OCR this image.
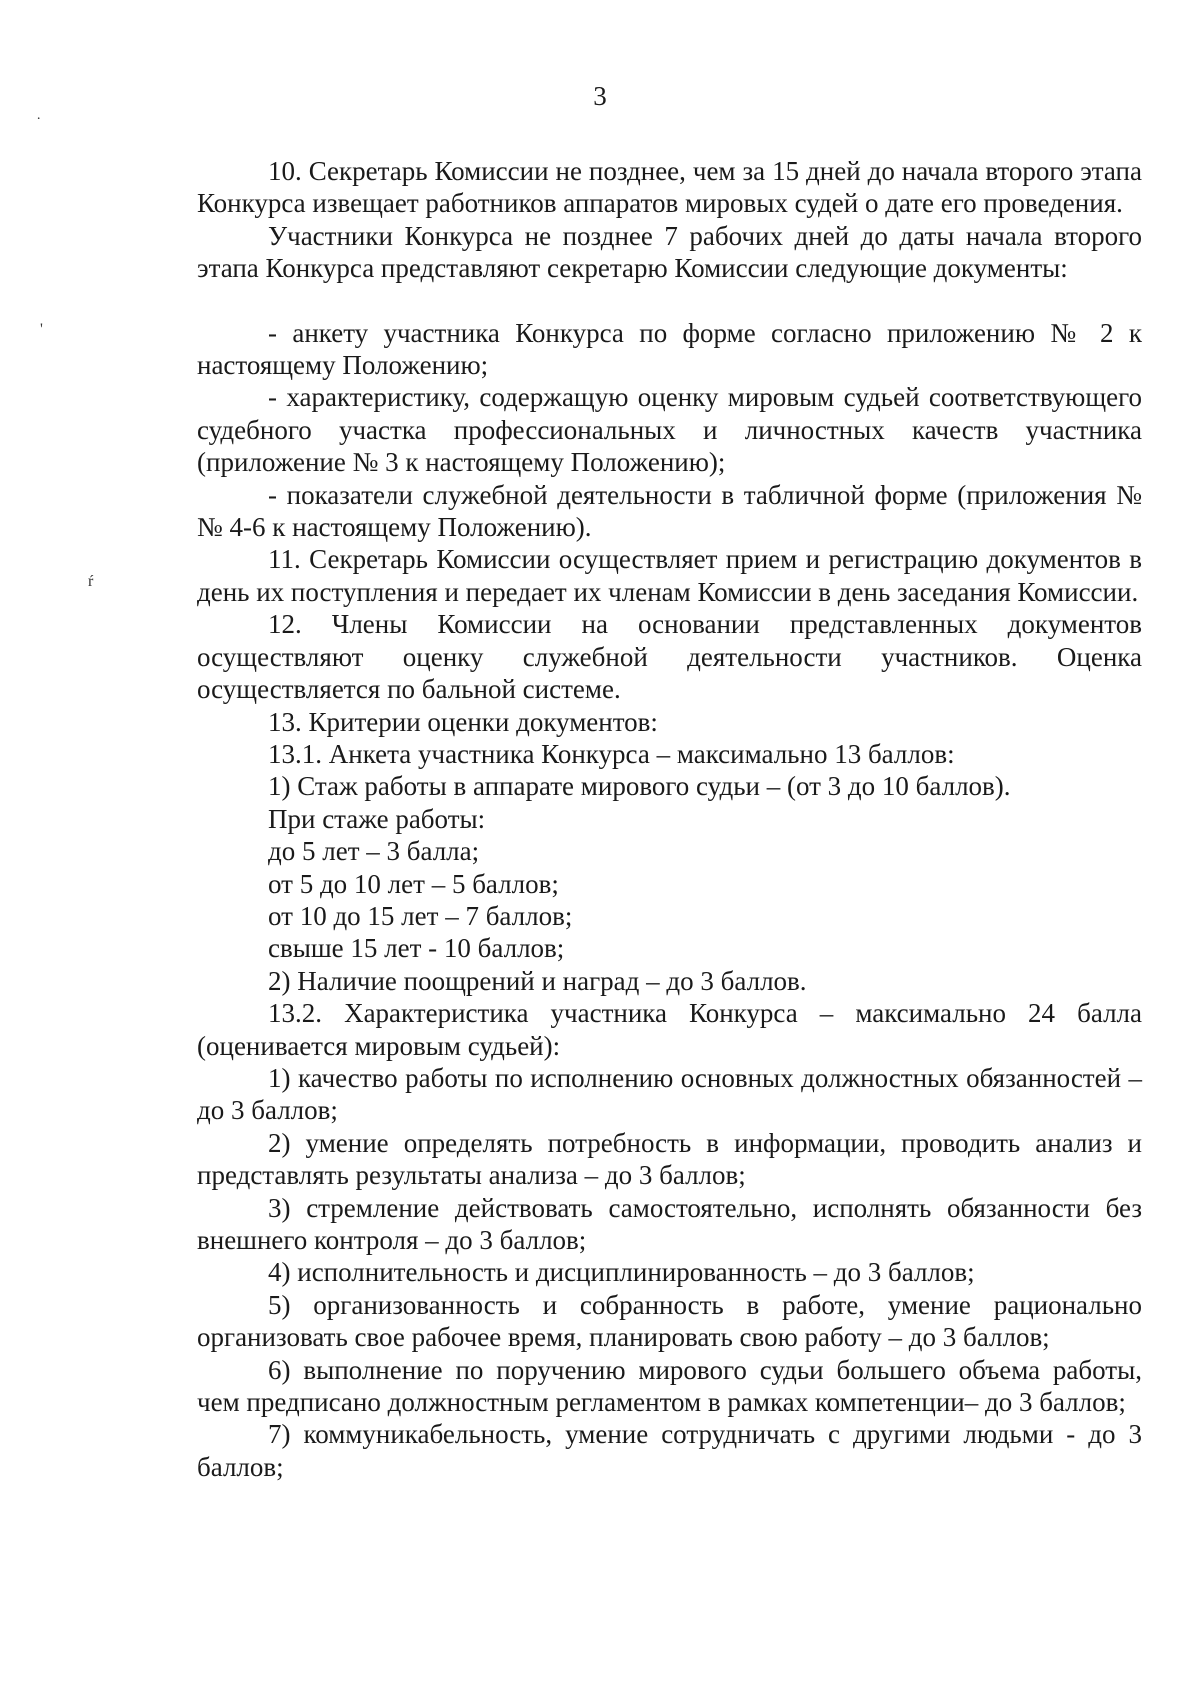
˙
'
ŕ
3

10. Секретарь Комиссии не позднее, чем за 15 дней до начала второго этапа Конкурса извещает работников аппаратов мировых судей о дате его проведения.

Участники Конкурса не позднее 7 рабочих дней до даты начала второго этапа Конкурса представляют секретарю Комиссии следующие документы:

- анкету участника Конкурса по форме согласно приложению № 2 к настоящему Положению;

- характеристику, содержащую оценку мировым судьей соответствующего судебного участка профессиональных и личностных качеств участника (приложение № 3 к настоящему Положению);

- показатели служебной деятельности в табличной форме (приложения №№ 4-6 к настоящему Положению).

11. Секретарь Комиссии осуществляет прием и регистрацию документов в день их поступления и передает их членам Комиссии в день заседания Комиссии.

12. Члены Комиссии на основании представленных документов осуществляют оценку служебной деятельности участников. Оценка осуществляется по бальной системе.

13. Критерии оценки документов:

13.1. Анкета участника Конкурса – максимально 13 баллов:

1) Стаж работы в аппарате мирового судьи – (от 3 до 10 баллов).

При стаже работы:

до 5 лет – 3 балла;

от 5 до 10 лет – 5 баллов;

от 10 до 15 лет – 7 баллов;

свыше 15 лет - 10 баллов;

2) Наличие поощрений и наград – до 3 баллов.

13.2. Характеристика участника Конкурса – максимально 24 балла (оценивается мировым судьей):

1) качество работы по исполнению основных должностных обязанностей – до 3 баллов;

2) умение определять потребность в информации, проводить анализ и представлять результаты анализа – до 3 баллов;

3) стремление действовать самостоятельно, исполнять обязанности без внешнего контроля – до 3 баллов;

4) исполнительность и дисциплинированность – до 3 баллов;

5) организованность и собранность в работе, умение рационально организовать свое рабочее время, планировать свою работу – до 3 баллов;

6) выполнение по поручению мирового судьи большего объема работы, чем предписано должностным регламентом в рамках компетенции– до 3 баллов;

7) коммуникабельность, умение сотрудничать с другими людьми - до 3 баллов;
